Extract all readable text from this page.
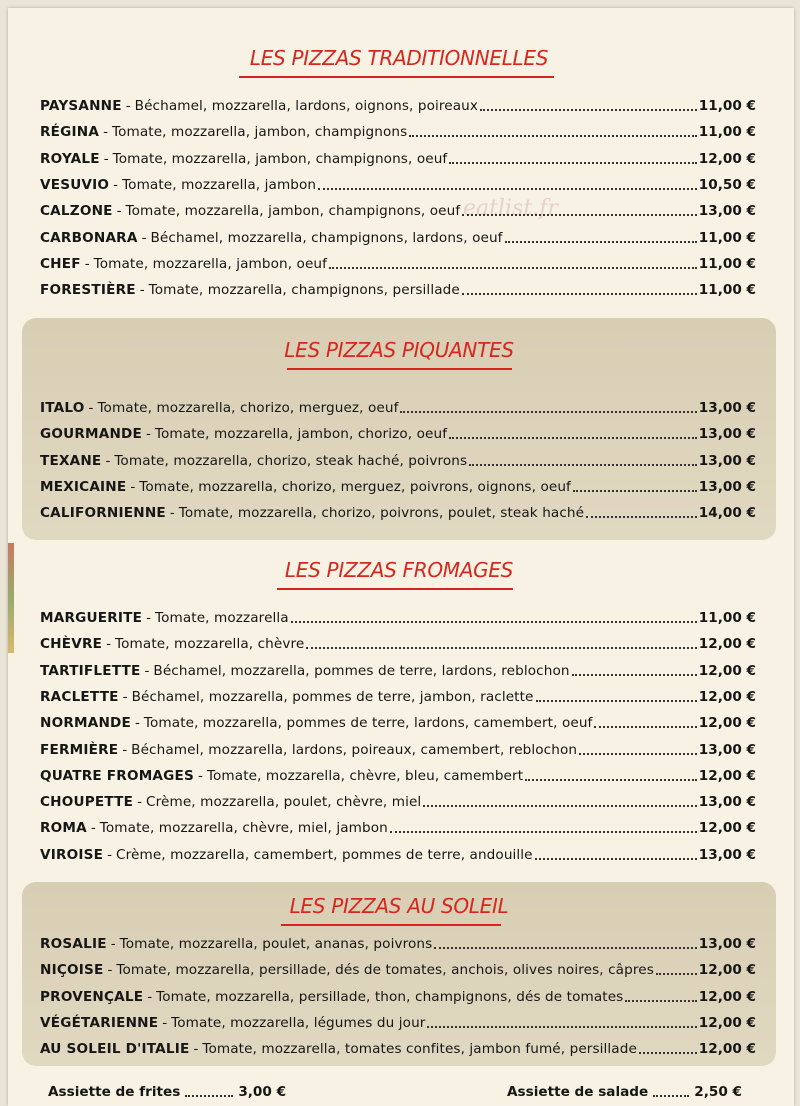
eatlist.fr
LES PIZZAS TRADITIONNELLES
PAYSANNE - Béchamel, mozzarella, lardons, oignons, poireaux	11,00 €
RÉGINA - Tomate, mozzarella, jambon, champignons	11,00 €
ROYALE - Tomate, mozzarella, jambon, champignons, oeuf	12,00 €
VESUVIO - Tomate, mozzarella, jambon	10,50 €
CALZONE - Tomate, mozzarella, jambon, champignons, oeuf	13,00 €
CARBONARA - Béchamel, mozzarella, champignons, lardons, oeuf	11,00 €
CHEF - Tomate, mozzarella, jambon, oeuf	11,00 €
FORESTIÈRE - Tomate, mozzarella, champignons, persillade	11,00 €
LES PIZZAS PIQUANTES
ITALO - Tomate, mozzarella, chorizo, merguez, oeuf	13,00 €
GOURMANDE - Tomate, mozzarella, jambon, chorizo, oeuf	13,00 €
TEXANE - Tomate, mozzarella, chorizo, steak haché, poivrons	13,00 €
MEXICAINE - Tomate, mozzarella, chorizo, merguez, poivrons, oignons, oeuf	13,00 €
CALIFORNIENNE - Tomate, mozzarella, chorizo, poivrons, poulet, steak haché	14,00 €
LES PIZZAS FROMAGES
MARGUERITE - Tomate, mozzarella	11,00 €
CHÈVRE - Tomate, mozzarella, chèvre	12,00 €
TARTIFLETTE - Béchamel, mozzarella, pommes de terre, lardons, reblochon	12,00 €
RACLETTE - Béchamel, mozzarella, pommes de terre, jambon, raclette	12,00 €
NORMANDE - Tomate, mozzarella, pommes de terre, lardons, camembert, oeuf	12,00 €
FERMIÈRE - Béchamel, mozzarella, lardons, poireaux, camembert, reblochon	13,00 €
QUATRE FROMAGES - Tomate, mozzarella, chèvre, bleu, camembert	12,00 €
CHOUPETTE - Crème, mozzarella, poulet, chèvre, miel	13,00 €
ROMA - Tomate, mozzarella, chèvre, miel, jambon	12,00 €
VIROISE - Crème, mozzarella, camembert, pommes de terre, andouille	13,00 €
LES PIZZAS AU SOLEIL
ROSALIE - Tomate, mozzarella, poulet, ananas, poivrons	13,00 €
NIÇOISE - Tomate, mozzarella, persillade, dés de tomates, anchois, olives noires, câpres	12,00 €
PROVENÇALE - Tomate, mozzarella, persillade, thon, champignons, dés de tomates	12,00 €
VÉGÉTARIENNE - Tomate, mozzarella, légumes du jour	12,00 €
AU SOLEIL D'ITALIE - Tomate, mozzarella, tomates confites, jambon fumé, persillade	12,00 €
Assiette de frites	3,00 €	Assiette de salade	2,50 €
